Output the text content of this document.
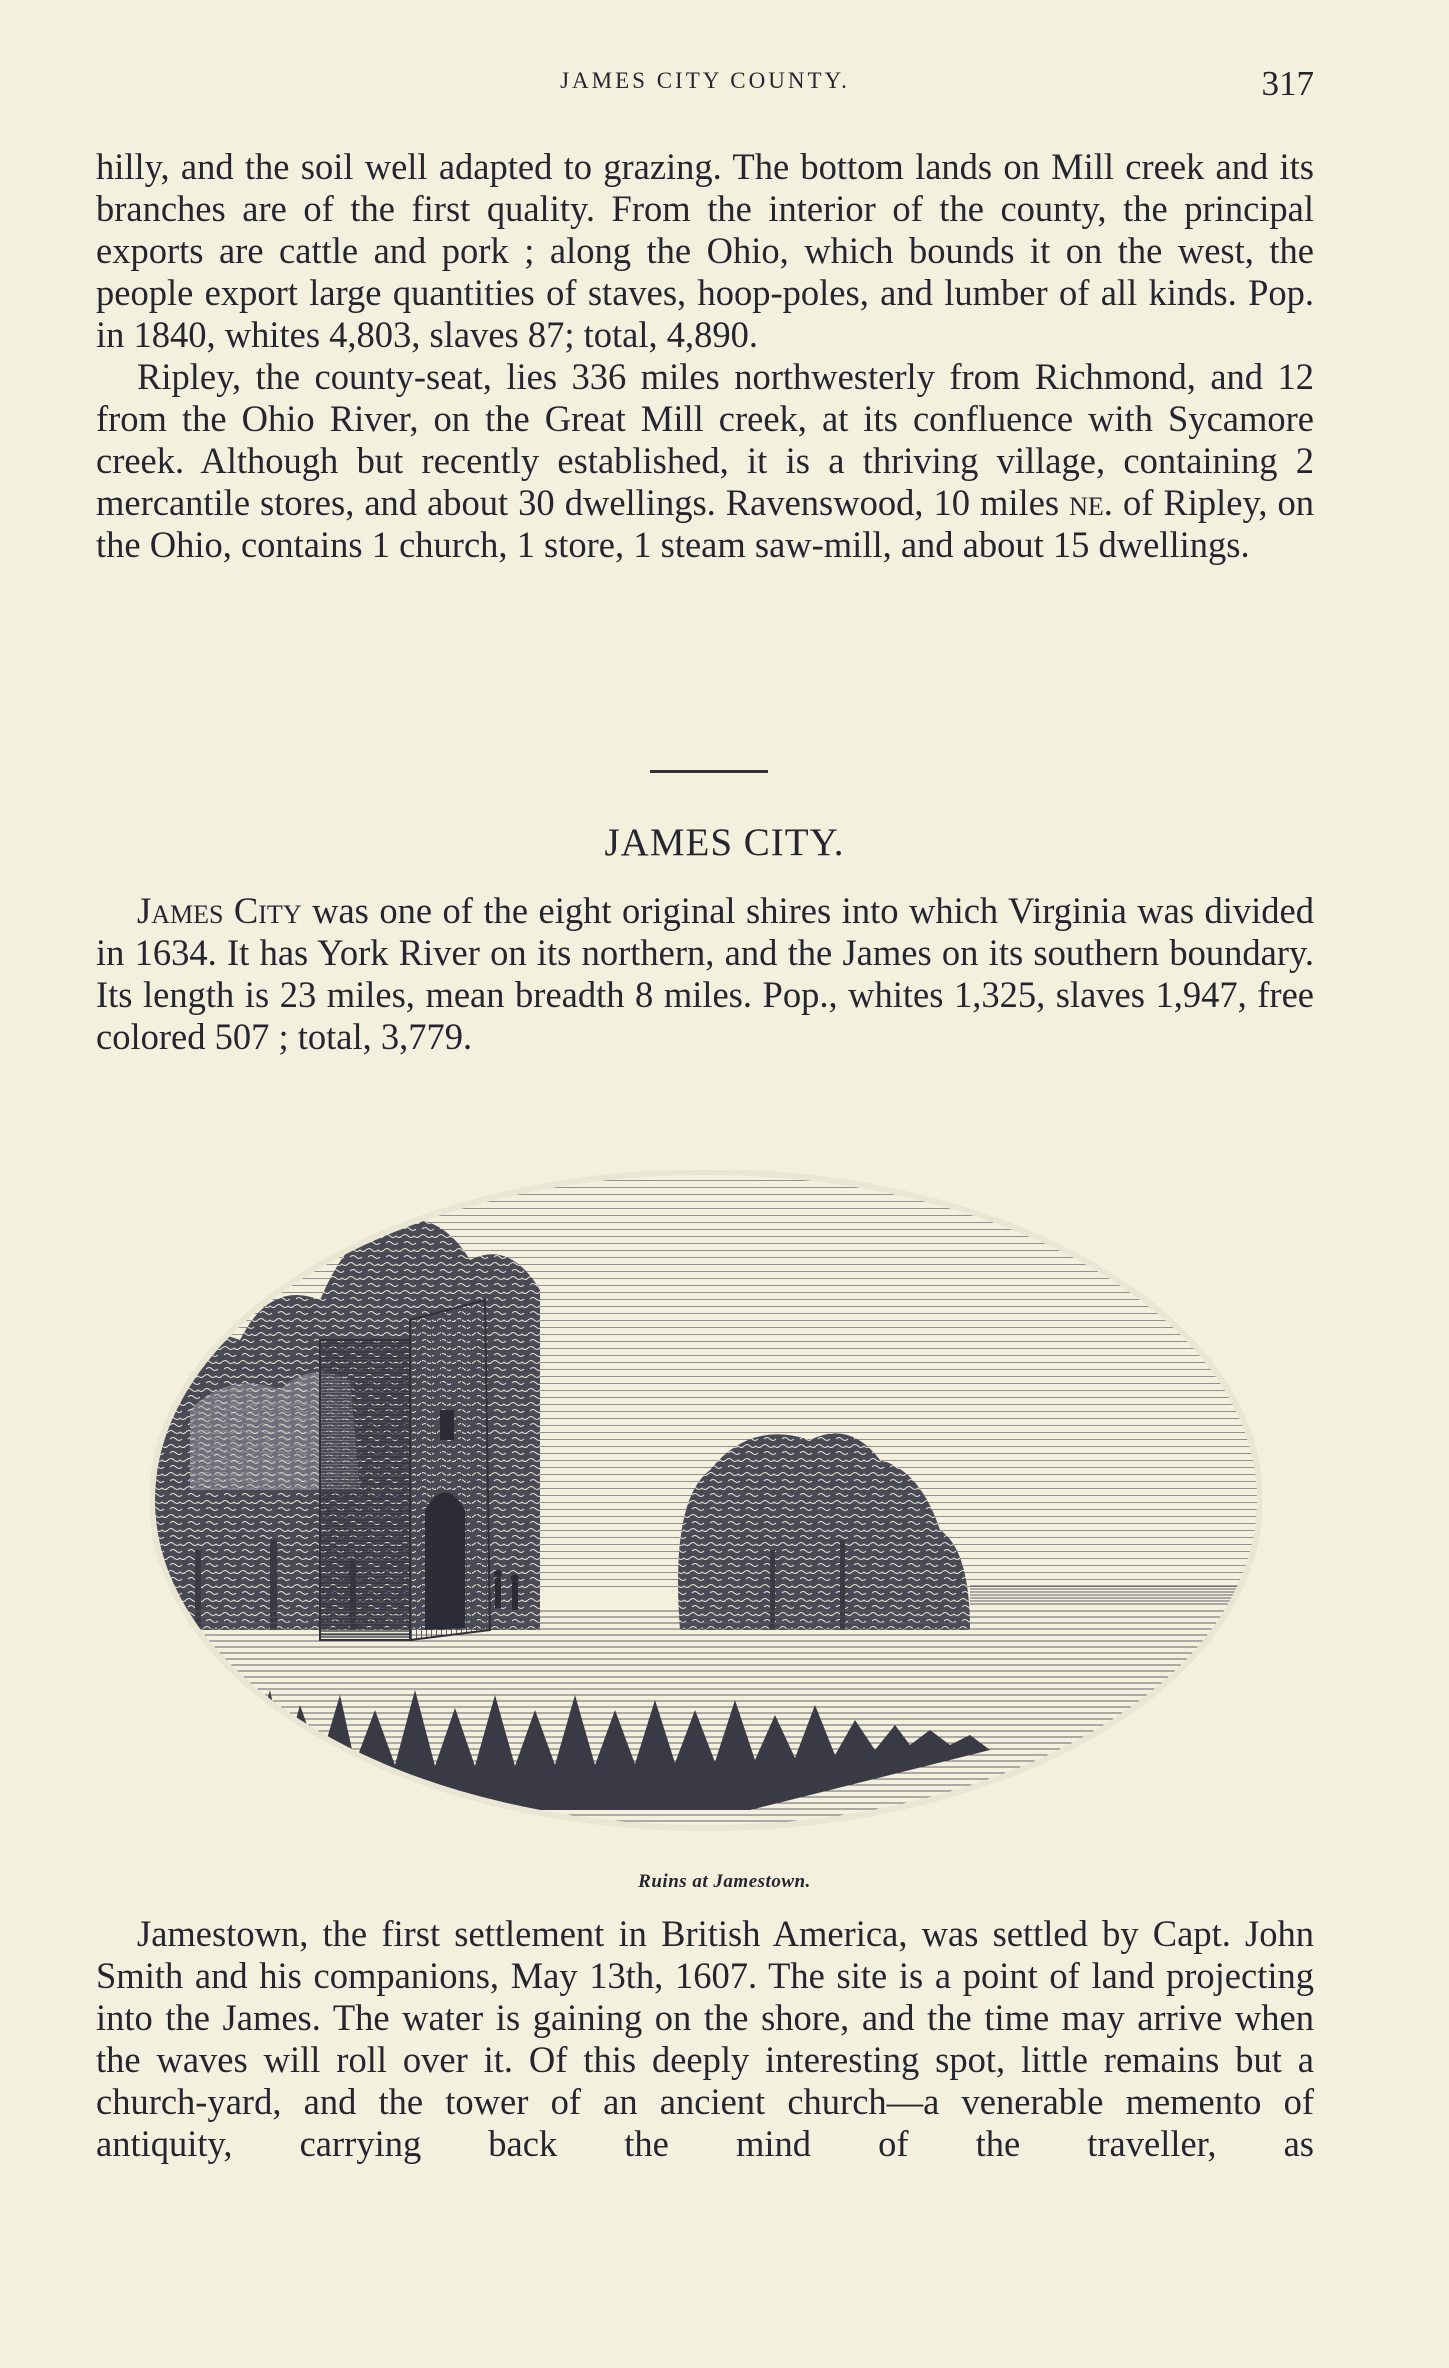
JAMES CITY COUNTY.	317

hilly, and the soil well adapted to grazing. The bottom lands on Mill creek and its branches are of the first quality. From the interior of the county, the principal exports are cattle and pork ; along the Ohio, which bounds it on the west, the people export large quantities of staves, hoop-poles, and lumber of all kinds. Pop. in 1840, whites 4,803, slaves 87; total, 4,890.

Ripley, the county-seat, lies 336 miles northwesterly from Richmond, and 12 from the Ohio River, on the Great Mill creek, at its confluence with Sycamore creek. Although but recently established, it is a thriving village, containing 2 mercantile stores, and about 30 dwellings. Ravenswood, 10 miles ne. of Ripley, on the Ohio, contains 1 church, 1 store, 1 steam saw-mill, and about 15 dwellings.

JAMES CITY.

James City was one of the eight original shires into which Virginia was divided in 1634. It has York River on its northern, and the James on its southern boundary. Its length is 23 miles, mean breadth 8 miles. Pop., whites 1,325, slaves 1,947, free colored 507 ; total, 3,779.

Ruins at Jamestown.

Jamestown, the first settlement in British America, was settled by Capt. John Smith and his companions, May 13th, 1607. The site is a point of land projecting into the James. The water is gaining on the shore, and the time may arrive when the waves will roll over it. Of this deeply interesting spot, little remains but a church-yard, and the tower of an ancient church—a venerable memento of antiquity, carrying back the mind of the traveller, as
